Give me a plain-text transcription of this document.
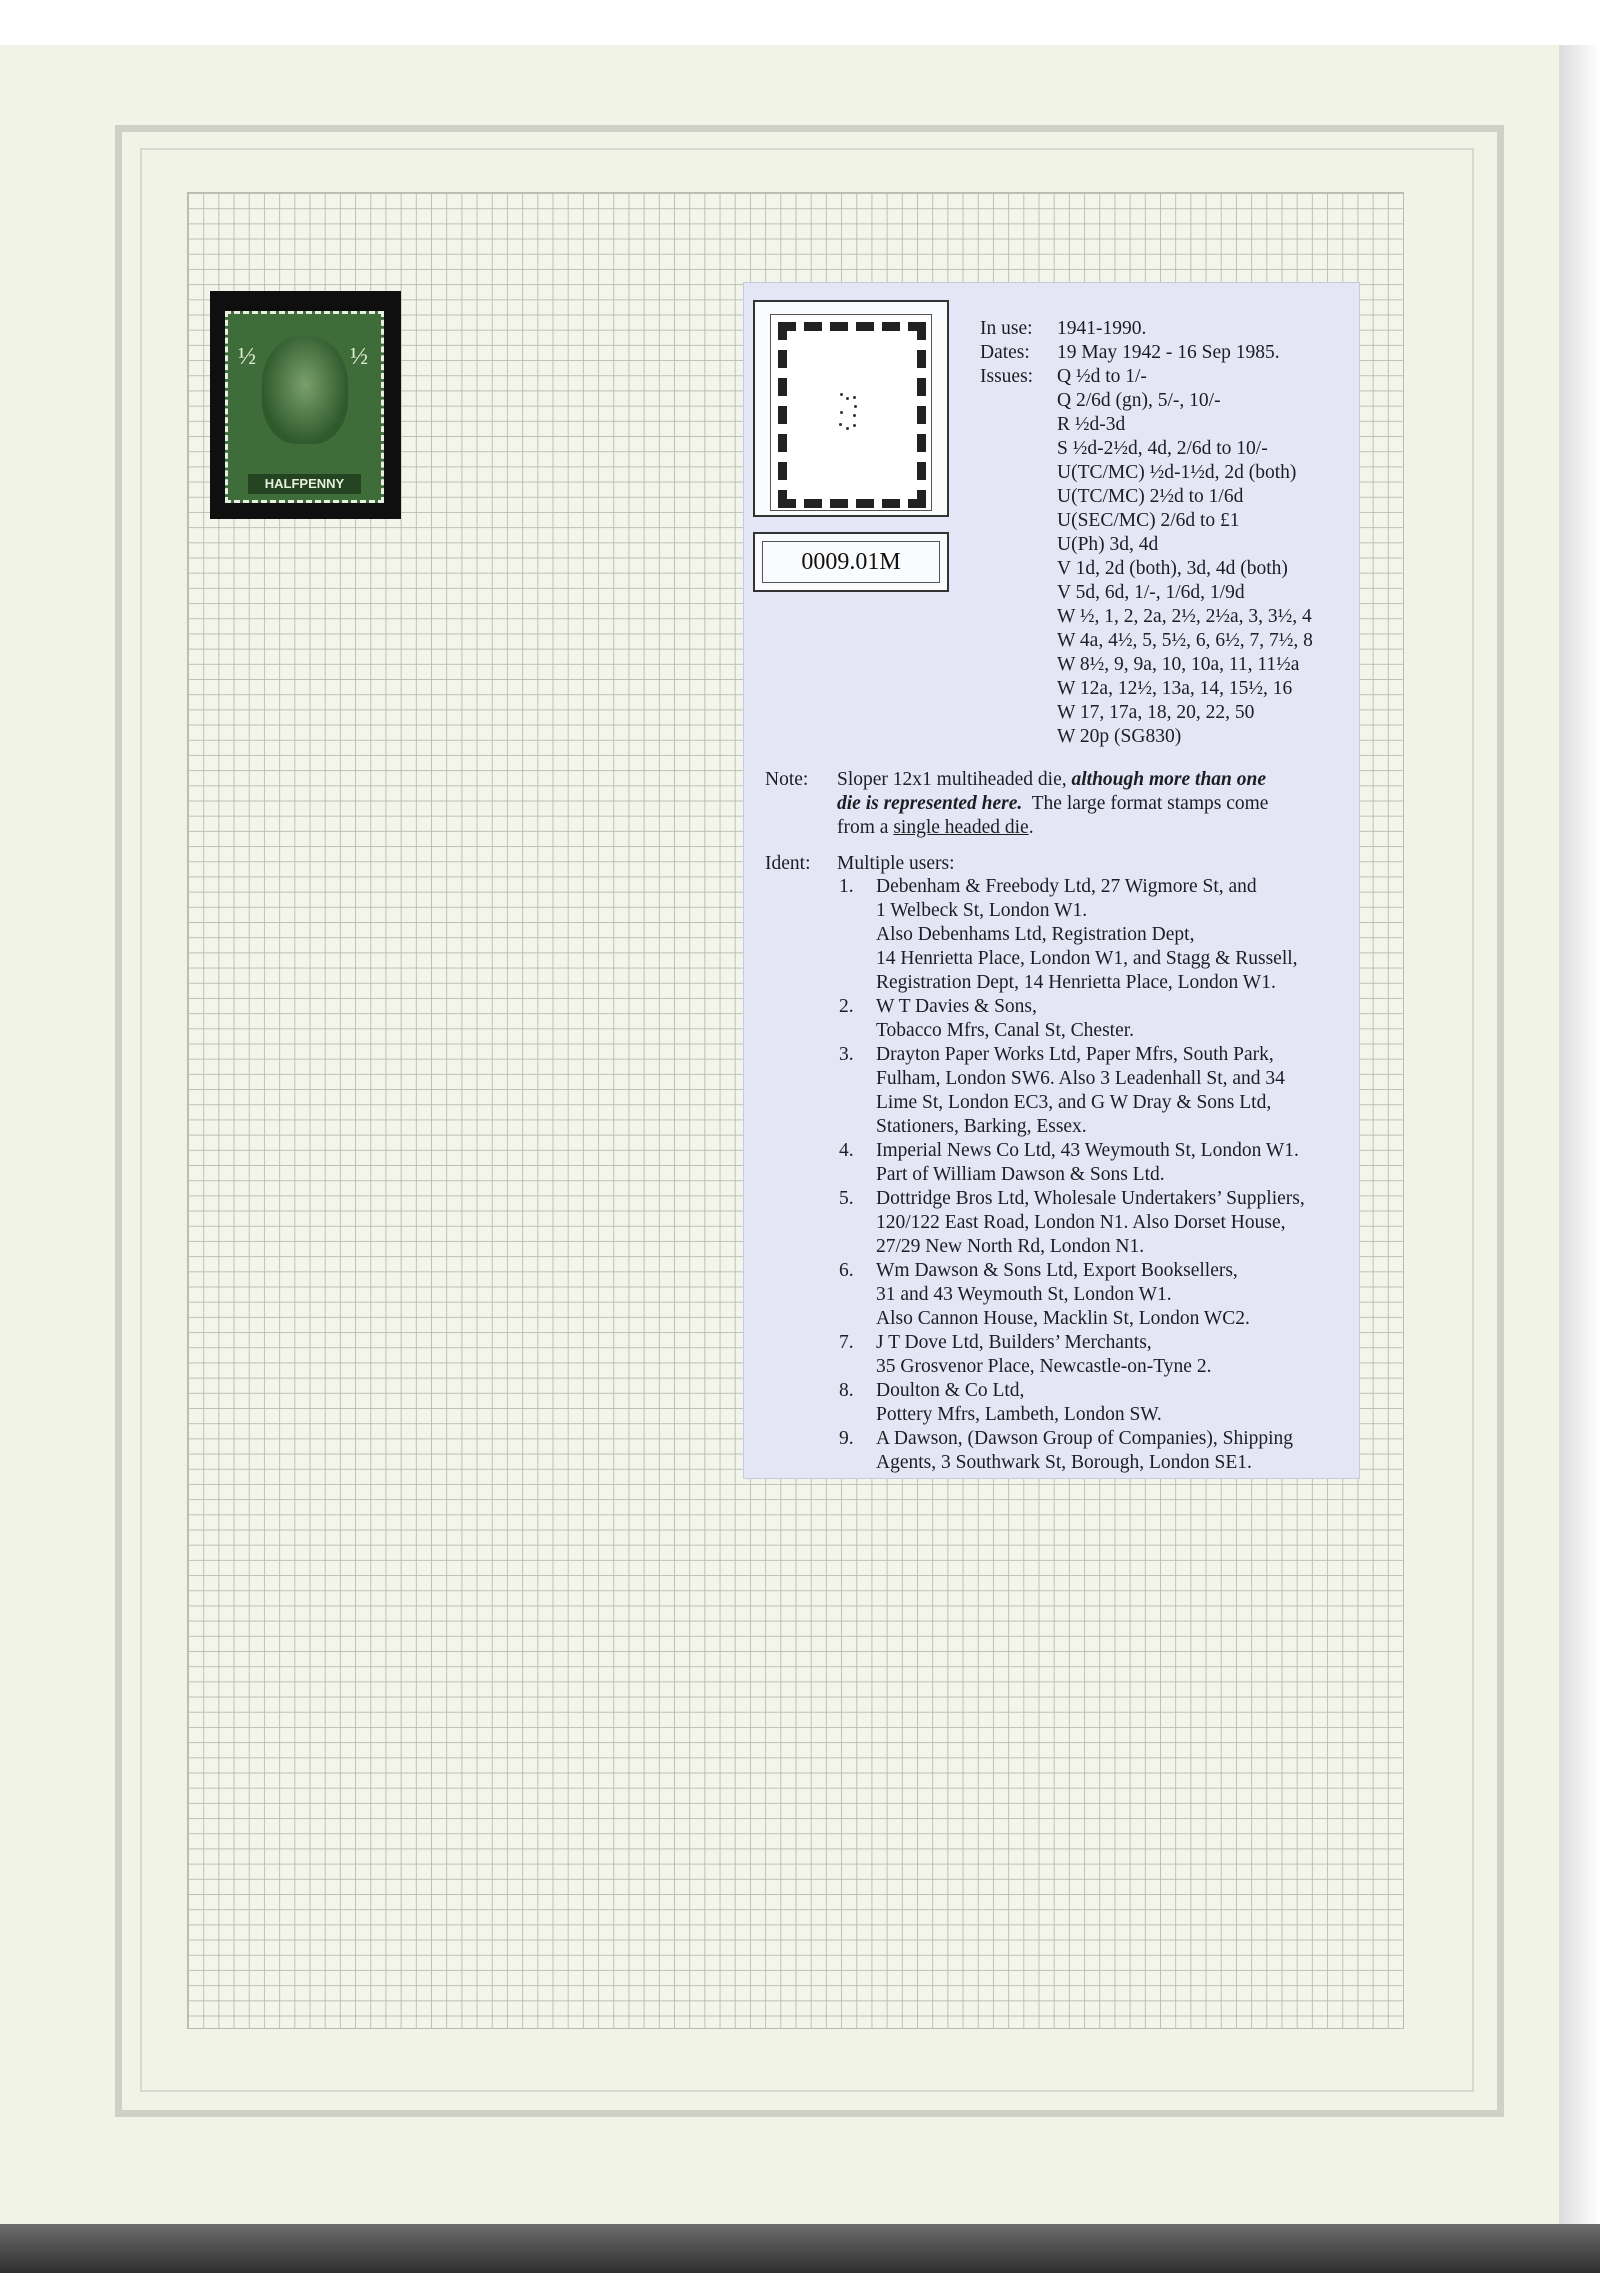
½	½
HALFPENNY
0009.01M
In use: 1941-1990.
Dates: 19 May 1942 - 16 Sep 1985.
Issues: Q ½d to 1/-
Q 2/6d (gn), 5/-, 10/-
R ½d-3d
S ½d-2½d, 4d, 2/6d to 10/-
U(TC/MC) ½d-1½d, 2d (both)
U(TC/MC) 2½d to 1/6d
U(SEC/MC) 2/6d to £1
U(Ph) 3d, 4d
V 1d, 2d (both), 3d, 4d (both)
V 5d, 6d, 1/-, 1/6d, 1/9d
W ½, 1, 2, 2a, 2½, 2½a, 3, 3½, 4
W 4a, 4½, 5, 5½, 6, 6½, 7, 7½, 8
W 8½, 9, 9a, 10, 10a, 11, 11½a
W 12a, 12½, 13a, 14, 15½, 16
W 17, 17a, 18, 20, 22, 50
W 20p (SG830)
Note: Sloper 12x1 multiheaded die, although more than one
die is represented here.  The large format stamps come
from a single headed die.
Ident: Multiple users:
1. Debenham & Freebody Ltd, 27 Wigmore St, and
1 Welbeck St, London W1.
Also Debenhams Ltd, Registration Dept,
14 Henrietta Place, London W1, and Stagg & Russell,
Registration Dept, 14 Henrietta Place, London W1.
2. W T Davies & Sons,
Tobacco Mfrs, Canal St, Chester.
3. Drayton Paper Works Ltd, Paper Mfrs, South Park,
Fulham, London SW6. Also 3 Leadenhall St, and 34
Lime St, London EC3, and G W Dray & Sons Ltd,
Stationers, Barking, Essex.
4. Imperial News Co Ltd, 43 Weymouth St, London W1.
Part of William Dawson & Sons Ltd.
5. Dottridge Bros Ltd, Wholesale Undertakers’ Suppliers,
120/122 East Road, London N1. Also Dorset House,
27/29 New North Rd, London N1.
6. Wm Dawson & Sons Ltd, Export Booksellers,
31 and 43 Weymouth St, London W1.
Also Cannon House, Macklin St, London WC2.
7. J T Dove Ltd, Builders’ Merchants,
35 Grosvenor Place, Newcastle-on-Tyne 2.
8. Doulton & Co Ltd,
Pottery Mfrs, Lambeth, London SW.
9. A Dawson, (Dawson Group of Companies), Shipping
Agents, 3 Southwark St, Borough, London SE1.
